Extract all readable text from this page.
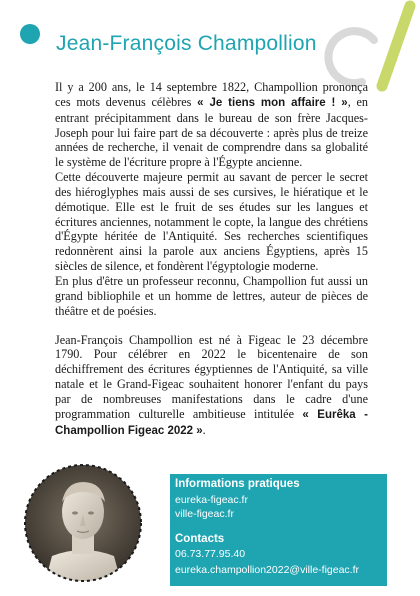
Jean-François Champollion

Il y a 200 ans, le 14 septembre 1822, Champollion prononça ces mots devenus célèbres « Je tiens mon affaire ! », en entrant précipitamment dans le bureau de son frère Jacques-Joseph pour lui faire part de sa découverte : après plus de treize années de recherche, il venait de comprendre dans sa globalité le système de l'écriture propre à l'Égypte ancienne.

Cette découverte majeure permit au savant de percer le secret des hiéroglyphes mais aussi de ses cursives, le hiératique et le démotique. Elle est le fruit de ses études sur les langues et écritures anciennes, notamment le copte, la langue des chrétiens d'Égypte héritée de l'Antiquité. Ses recherches scientifiques redonnèrent ainsi la parole aux anciens Égyptiens, après 15 siècles de silence, et fondèrent l'égyptologie moderne.

En plus d'être un professeur reconnu, Champollion fut aussi un grand bibliophile et un homme de lettres, auteur de pièces de théâtre et de poésies.

Jean-François Champollion est né à Figeac le 23 décembre 1790. Pour célébrer en 2022 le bicentenaire de son déchiffrement des écritures égyptiennes de l'Antiquité, sa ville natale et le Grand-Figeac souhaitent honorer l'enfant du pays par de nombreuses manifestations dans le cadre d'une programmation culturelle ambitieuse intitulée « Eurêka - Champollion Figeac 2022 ».

Informations pratiques
eureka-figeac.fr
ville-figeac.fr
Contacts
06.73.77.95.40
eureka.champollion2022@ville-figeac.fr
